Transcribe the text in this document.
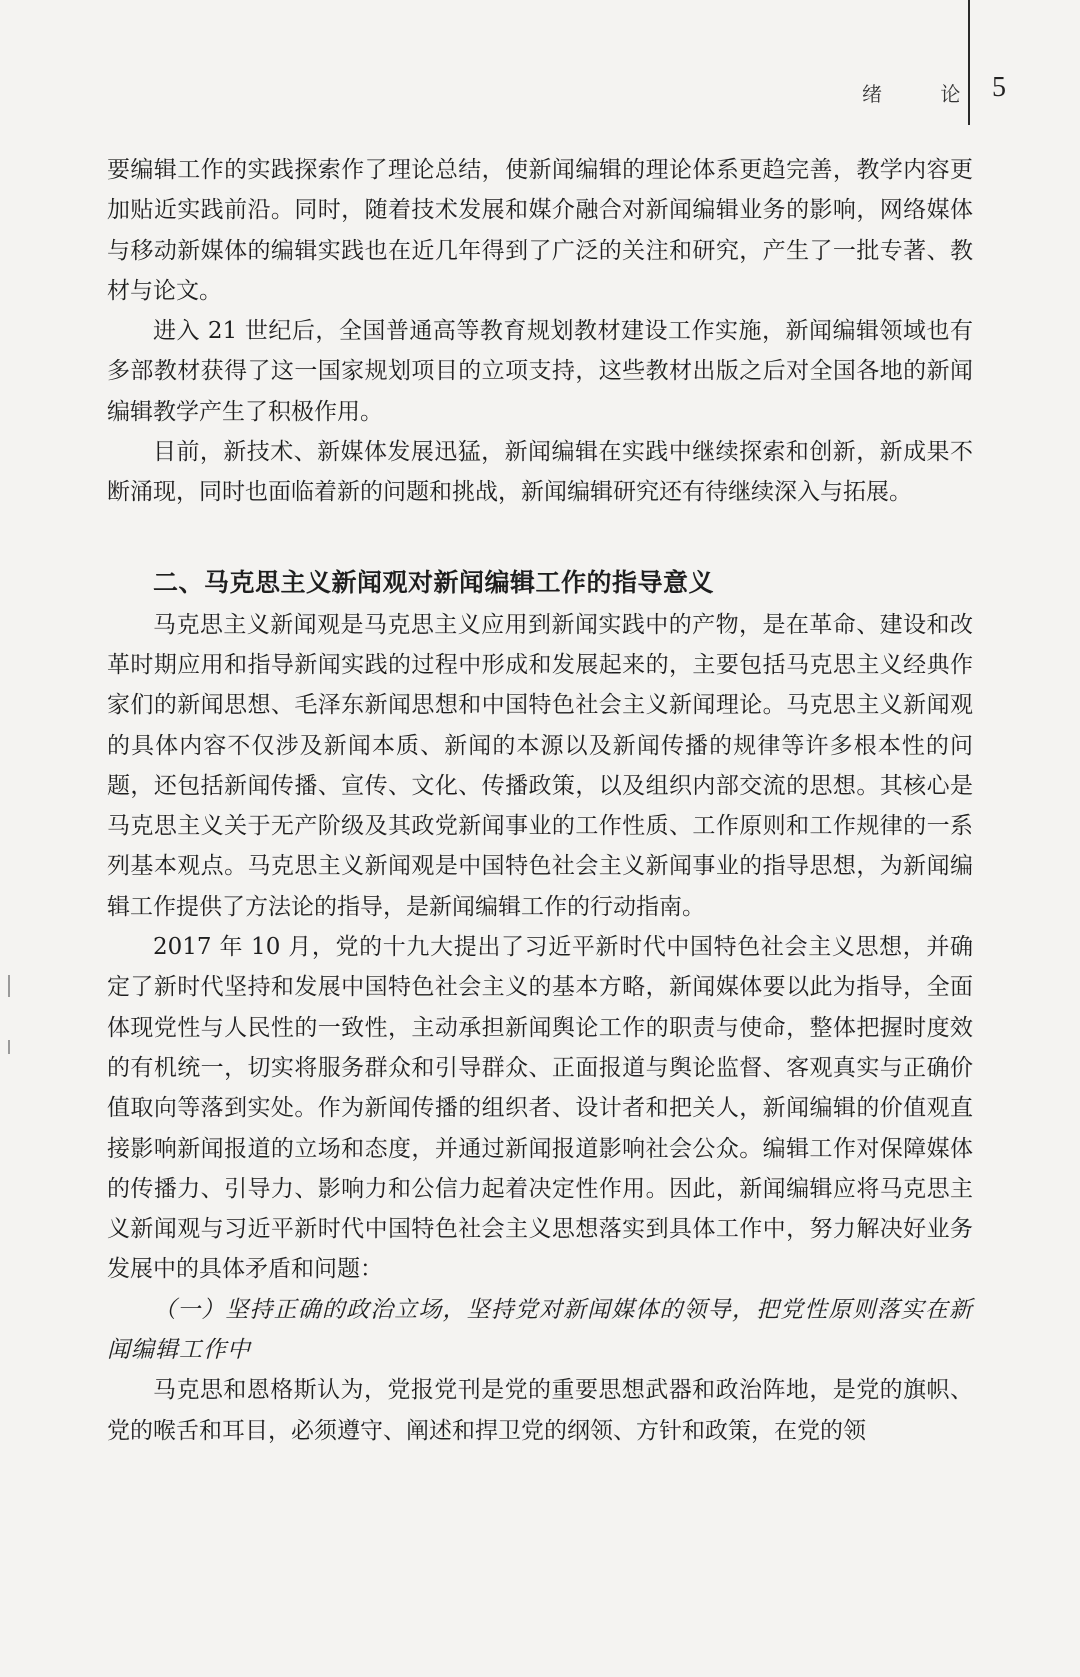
绪 论 5

要编辑工作的实践探索作了理论总结，使新闻编辑的理论体系更趋完善，教学内容更加贴近实践前沿。同时，随着技术发展和媒介融合对新闻编辑业务的影响，网络媒体与移动新媒体的编辑实践也在近几年得到了广泛的关注和研究，产生了一批专著、教材与论文。

进入 21 世纪后，全国普通高等教育规划教材建设工作实施，新闻编辑领域也有多部教材获得了这一国家规划项目的立项支持，这些教材出版之后对全国各地的新闻编辑教学产生了积极作用。

目前，新技术、新媒体发展迅猛，新闻编辑在实践中继续探索和创新，新成果不断涌现，同时也面临着新的问题和挑战，新闻编辑研究还有待继续深入与拓展。

二、马克思主义新闻观对新闻编辑工作的指导意义

马克思主义新闻观是马克思主义应用到新闻实践中的产物，是在革命、建设和改革时期应用和指导新闻实践的过程中形成和发展起来的，主要包括马克思主义经典作家们的新闻思想、毛泽东新闻思想和中国特色社会主义新闻理论。马克思主义新闻观的具体内容不仅涉及新闻本质、新闻的本源以及新闻传播的规律等许多根本性的问题，还包括新闻传播、宣传、文化、传播政策，以及组织内部交流的思想。其核心是马克思主义关于无产阶级及其政党新闻事业的工作性质、工作原则和工作规律的一系列基本观点。马克思主义新闻观是中国特色社会主义新闻事业的指导思想，为新闻编辑工作提供了方法论的指导，是新闻编辑工作的行动指南。

2017 年 10 月，党的十九大提出了习近平新时代中国特色社会主义思想，并确定了新时代坚持和发展中国特色社会主义的基本方略，新闻媒体要以此为指导，全面体现党性与人民性的一致性，主动承担新闻舆论工作的职责与使命，整体把握时度效的有机统一，切实将服务群众和引导群众、正面报道与舆论监督、客观真实与正确价值取向等落到实处。作为新闻传播的组织者、设计者和把关人，新闻编辑的价值观直接影响新闻报道的立场和态度，并通过新闻报道影响社会公众。编辑工作对保障媒体的传播力、引导力、影响力和公信力起着决定性作用。因此，新闻编辑应将马克思主义新闻观与习近平新时代中国特色社会主义思想落实到具体工作中，努力解决好业务发展中的具体矛盾和问题：

（一）坚持正确的政治立场，坚持党对新闻媒体的领导，把党性原则落实在新闻编辑工作中

马克思和恩格斯认为，党报党刊是党的重要思想武器和政治阵地，是党的旗帜、党的喉舌和耳目，必须遵守、阐述和捍卫党的纲领、方针和政策，在党的领
